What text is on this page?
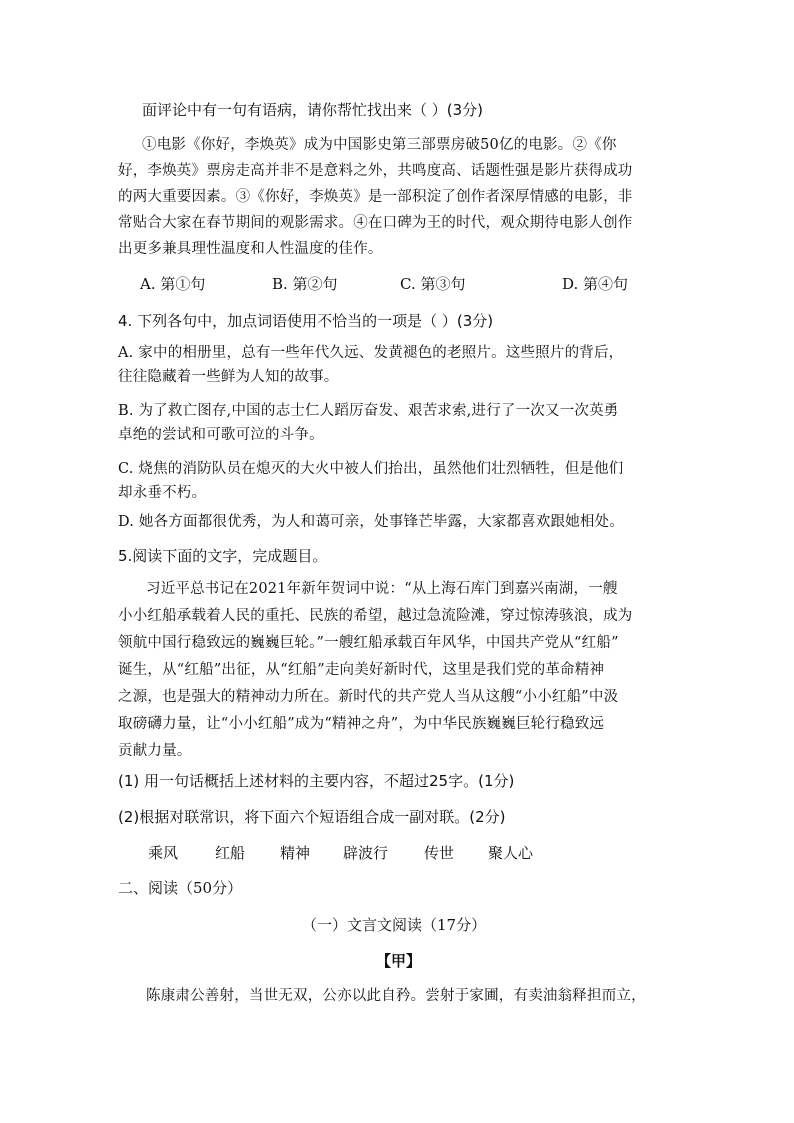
面评论中有一句有语病，请你帮忙找出来（ ）(3分)
①电影《你好，李焕英》成为中国影史第三部票房破50亿的电影。②《你
好，李焕英》票房走高并非不是意料之外，共鸣度高、话题性强是影片获得成功
的两大重要因素。③《你好，李焕英》是一部积淀了创作者深厚情感的电影，非
常贴合大家在春节期间的观影需求。④在口碑为王的时代，观众期待电影人创作
出更多兼具理性温度和人性温度的佳作。
A. 第①句	B. 第②句	C. 第③句	D. 第④句
4. 下列各句中，加点词语使用不恰当的一项是（ ）(3分)
A. 家中的相册里，总有一些年代久远、发黄褪色的老照片。这些照片的背后，
往往隐藏着一些鲜为人知的故事。
B. 为了救亡图存,中国的志士仁人蹈厉奋发、艰苦求索,进行了一次又一次英勇
卓绝的尝试和可歌可泣的斗争。
C. 烧焦的消防队员在熄灭的大火中被人们抬出，虽然他们壮烈牺牲，但是他们
却永垂不朽。
D. 她各方面都很优秀，为人和蔼可亲，处事锋芒毕露，大家都喜欢跟她相处。
5.阅读下面的文字，完成题目。
习近平总书记在2021年新年贺词中说：“从上海石库门到嘉兴南湖，一艘
小小红船承载着人民的重托、民族的希望，越过急流险滩，穿过惊涛骇浪，成为
领航中国行稳致远的巍巍巨轮。”一艘红船承载百年风华，中国共产党从“红船”
诞生，从“红船”出征，从“红船”走向美好新时代，这里是我们党的革命精神
之源，也是强大的精神动力所在。新时代的共产党人当从这艘“小小红船”中汲
取磅礴力量，让“小小红船”成为“精神之舟”，为中华民族巍巍巨轮行稳致远
贡献力量。
(1) 用一句话概括上述材料的主要内容，不超过25字。(1分)
(2)根据对联常识，将下面六个短语组合成一副对联。(2分)
乘风 红船 精神 辟波行 传世 聚人心
二、阅读（50分）
（一）文言文阅读（17分）
【甲】
陈康肃公善射，当世无双，公亦以此自矜。尝射于家圃，有卖油翁释担而立，
